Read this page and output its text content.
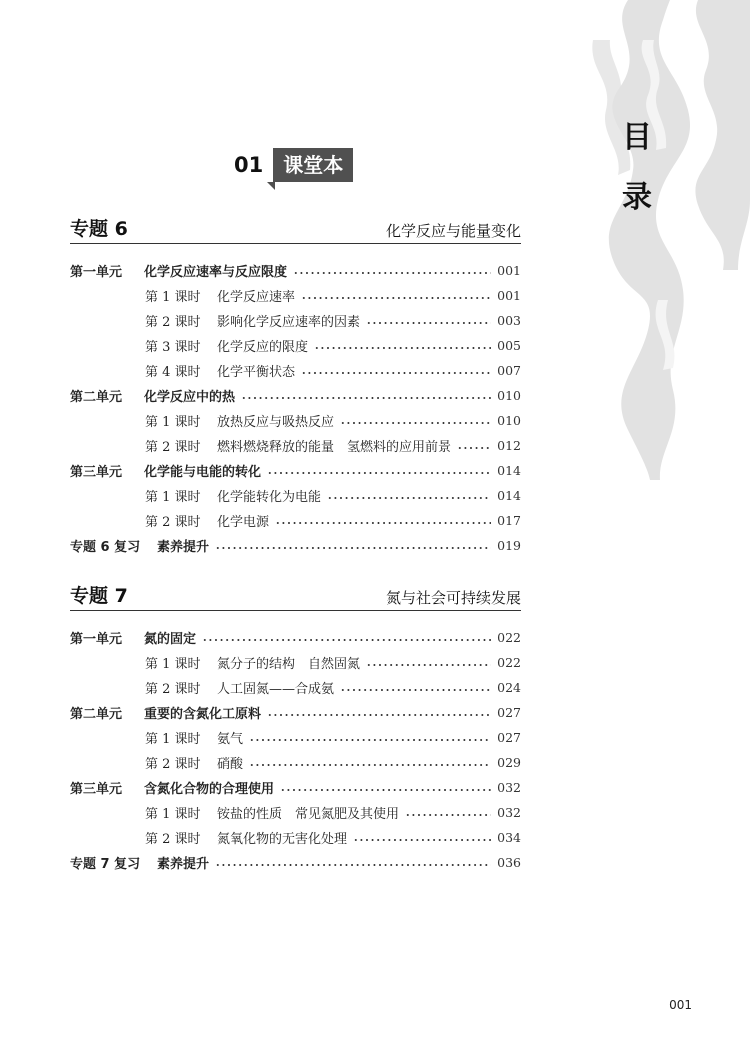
目
录
01	课堂本
专题 6	化学反应与能量变化
第一单元	化学反应速率与反应限度	001
第 1 课时	化学反应速率	001
第 2 课时	影响化学反应速率的因素	003
第 3 课时	化学反应的限度	005
第 4 课时	化学平衡状态	007
第二单元	化学反应中的热	010
第 1 课时	放热反应与吸热反应	010
第 2 课时	燃料燃烧释放的能量　氢燃料的应用前景	012
第三单元	化学能与电能的转化	014
第 1 课时	化学能转化为电能	014
第 2 课时	化学电源	017
专题 6 复习	素养提升	019
专题 7	氮与社会可持续发展
第一单元	氮的固定	022
第 1 课时	氮分子的结构　自然固氮	022
第 2 课时	人工固氮——合成氨	024
第二单元	重要的含氮化工原料	027
第 1 课时	氨气	027
第 2 课时	硝酸	029
第三单元	含氮化合物的合理使用	032
第 1 课时	铵盐的性质　常见氮肥及其使用	032
第 2 课时	氮氧化物的无害化处理	034
专题 7 复习	素养提升	036
001
